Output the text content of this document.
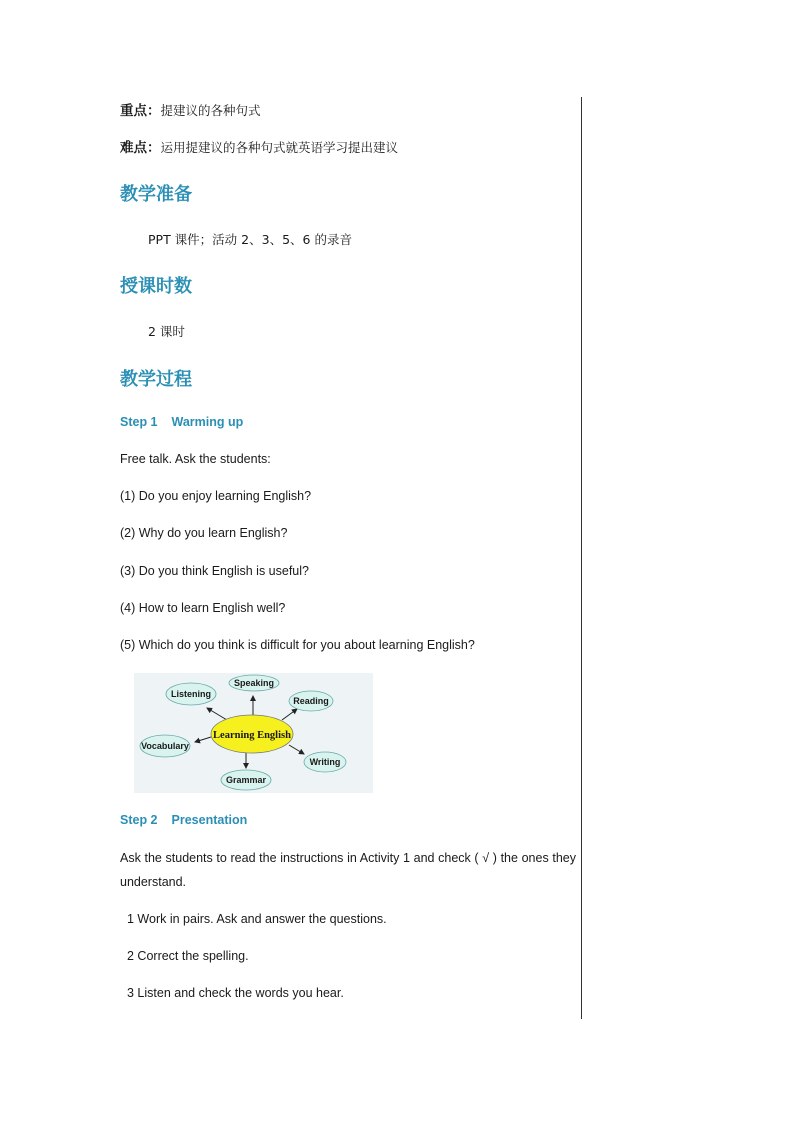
重点：提建议的各种句式
难点：运用提建议的各种句式就英语学习提出建议
教学准备
PPT 课件；活动 2、3、5、6 的录音
授课时数
2 课时
教学过程
Step 1 Warming up
Free talk. Ask the students:
(1) Do you enjoy learning English?
(2) Why do you learn English?
(3) Do you think English is useful?
(4) How to learn English well?
(5) Which do you think is difficult for you about learning English?
Learning English
Listening
Speaking
Reading
Vocabulary
Writing
Grammar
Step 2 Presentation
Ask the students to read the instructions in Activity 1 and check ( √ ) the ones they understand.
1 Work in pairs. Ask and answer the questions.
2 Correct the spelling.
3 Listen and check the words you hear.
